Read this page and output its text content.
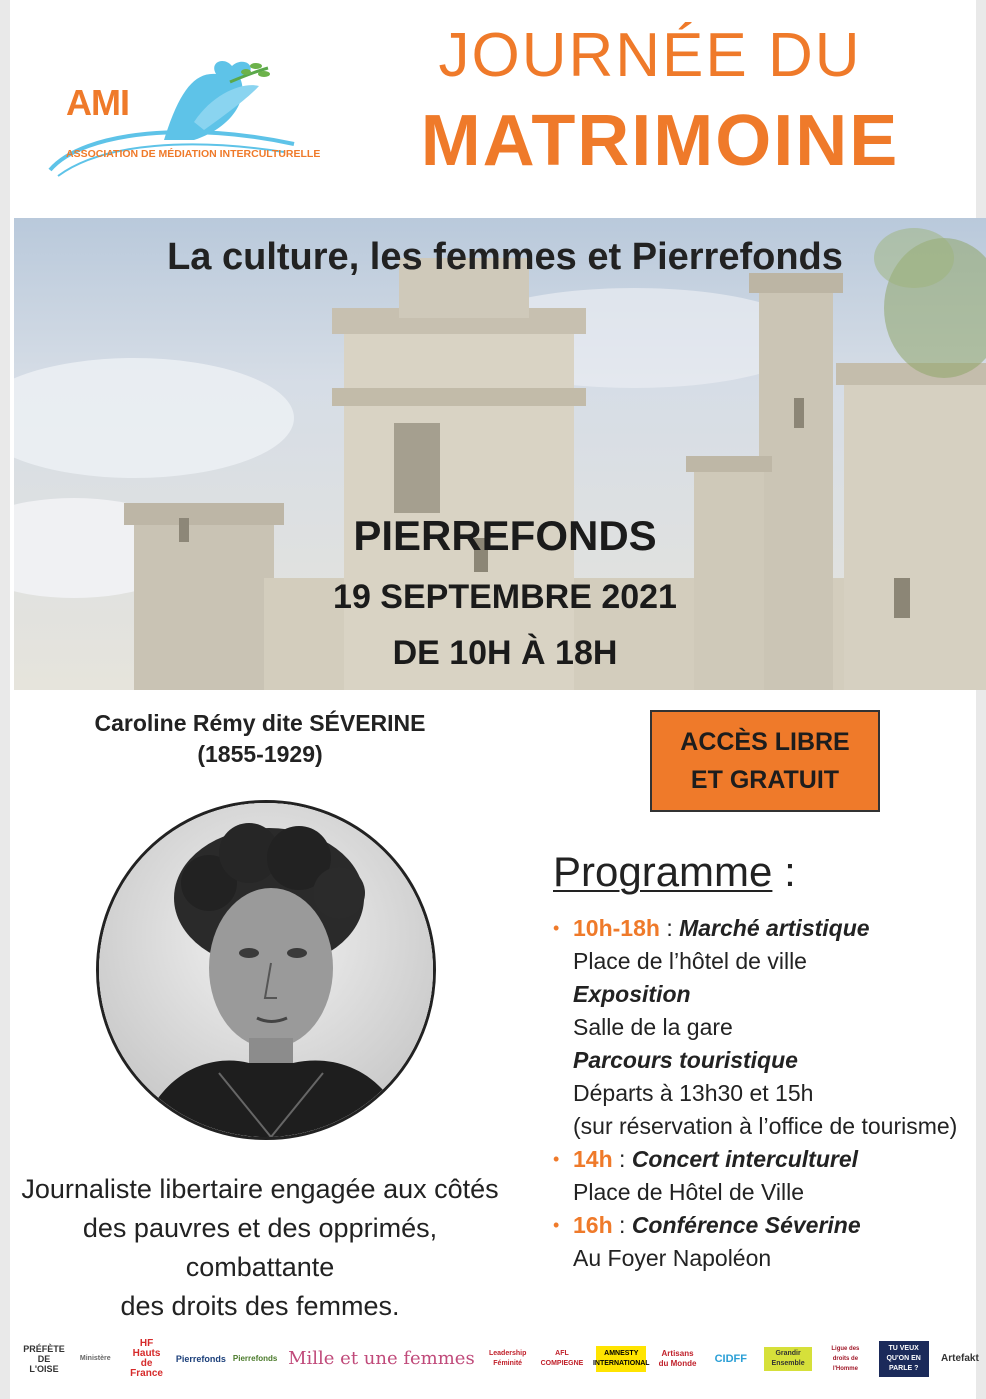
AMI
ASSOCIATION DE MÉDIATION INTERCULTURELLE
JOURNÉE DU
MATRIMOINE
La culture, les femmes et Pierrefonds
PIERREFONDS
19 SEPTEMBRE 2021
DE 10H À 18H
Caroline Rémy dite SÉVERINE
(1855-1929)
Journaliste libertaire engagée aux côtés
des pauvres et des opprimés, combattante
des droits des femmes.
ACCÈS LIBRE
ET GRATUIT
Programme :
• 10h-18h : Marché artistique
Place de l’hôtel de ville
Exposition
Salle de la gare
Parcours touristique
Départs à 13h30 et 15h
(sur réservation à l’office de tourisme)
• 14h : Concert interculturel
Place de Hôtel de Ville
• 16h : Conférence Séverine
Au Foyer Napoléon
PRÉFÈTE DE L'OISE
Ministère
HF Hauts de France
Pierrefonds Pierrefonds Mille et une femmes Leadership Féminité
AFL COMPIEGNE
AMNESTY INTERNATIONAL
Artisans du Monde	CIDFF	Grandir Ensemble
Ligue des droits de l'Homme
TU VEUX QU'ON EN PARLE ?
Artefakt
